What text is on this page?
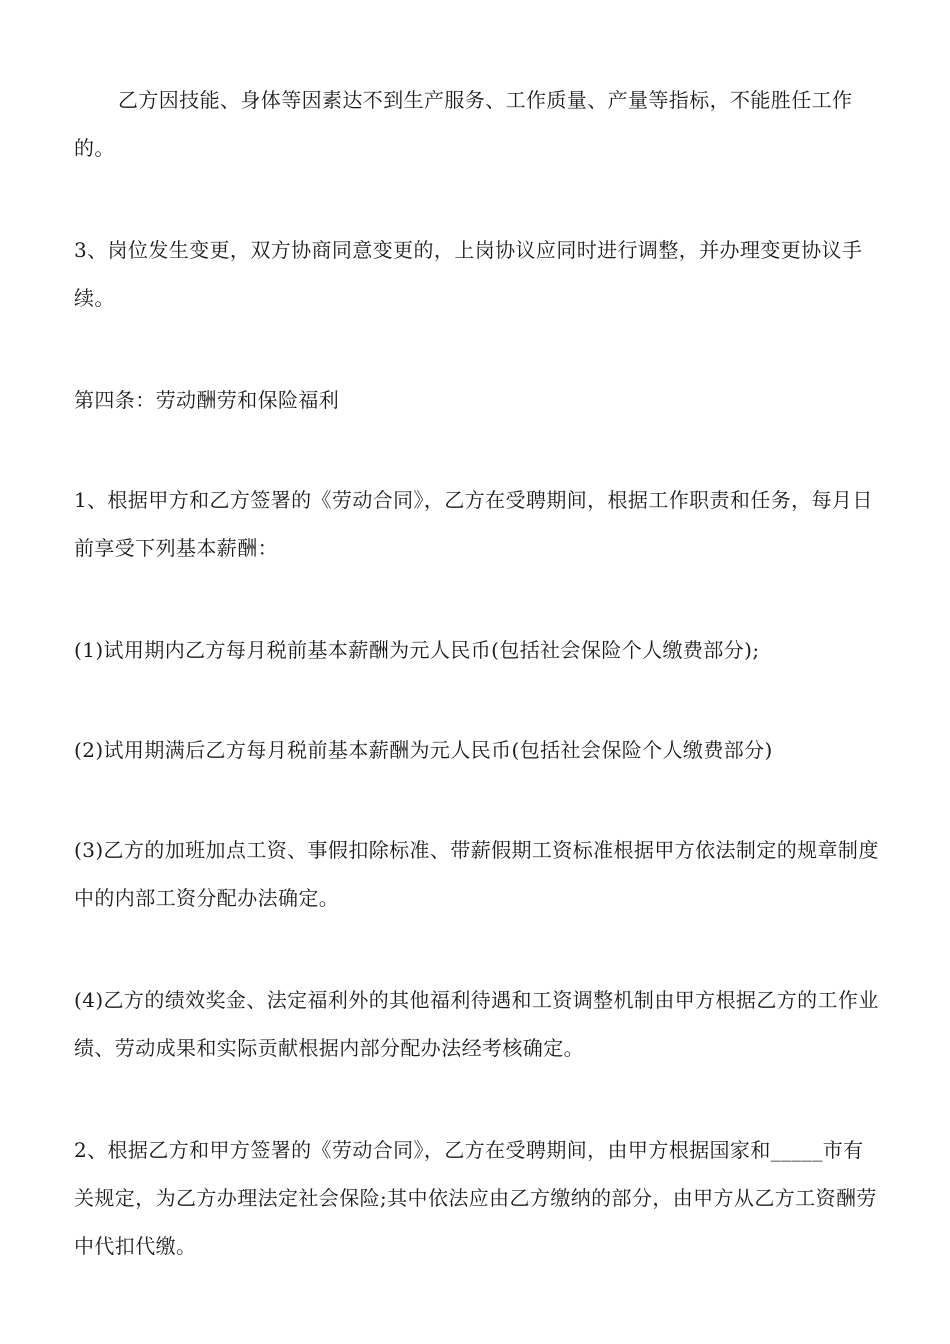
乙方因技能、身体等因素达不到生产服务、工作质量、产量等指标，不能胜任工作的。

3、岗位发生变更，双方协商同意变更的，上岗协议应同时进行调整，并办理变更协议手续。

第四条：劳动酬劳和保险福利

1、根据甲方和乙方签署的《劳动合同》，乙方在受聘期间，根据工作职责和任务，每月日前享受下列基本薪酬：

(1)试用期内乙方每月税前基本薪酬为元人民币(包括社会保险个人缴费部分);

(2)试用期满后乙方每月税前基本薪酬为元人民币(包括社会保险个人缴费部分)

(3)乙方的加班加点工资、事假扣除标准、带薪假期工资标准根据甲方依法制定的规章制度中的内部工资分配办法确定。

(4)乙方的绩效奖金、法定福利外的其他福利待遇和工资调整机制由甲方根据乙方的工作业绩、劳动成果和实际贡献根据内部分配办法经考核确定。

2、根据乙方和甲方签署的《劳动合同》，乙方在受聘期间，由甲方根据国家和_____市有关规定，为乙方办理法定社会保险;其中依法应由乙方缴纳的部分，由甲方从乙方工资酬劳中代扣代缴。
